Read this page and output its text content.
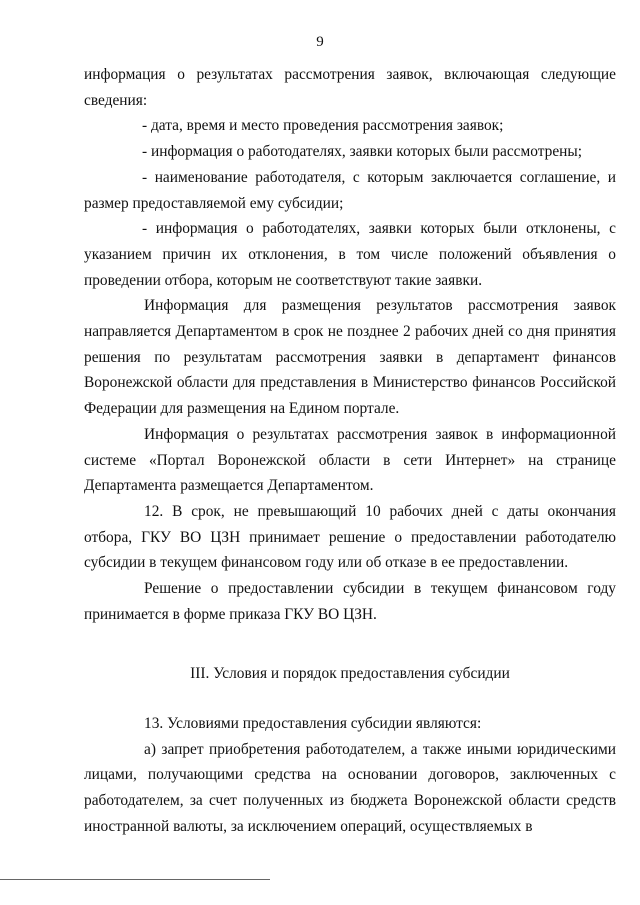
9

информация о результатах рассмотрения заявок, включающая следующие сведения:

- дата, время и место проведения рассмотрения заявок;

- информация о работодателях, заявки которых были рассмотрены;

- наименование работодателя, с которым заключается соглашение, и размер предоставляемой ему субсидии;

- информация о работодателях, заявки которых были отклонены, с указанием причин их отклонения, в том числе положений объявления о проведении отбора, которым не соответствуют такие заявки.

Информация для размещения результатов рассмотрения заявок направляется Департаментом в срок не позднее 2 рабочих дней со дня принятия решения по результатам рассмотрения заявки в департамент финансов Воронежской области для представления в Министерство финансов Российской Федерации для размещения на Едином портале.

Информация о результатах рассмотрения заявок в информационной системе «Портал Воронежской области в сети Интернет» на странице Департамента размещается Департаментом.

12. В срок, не превышающий 10 рабочих дней с даты окончания отбора, ГКУ ВО ЦЗН принимает решение о предоставлении работодателю субсидии в текущем финансовом году или об отказе в ее предоставлении.

Решение о предоставлении субсидии в текущем финансовом году принимается в форме приказа ГКУ ВО ЦЗН.

III. Условия и порядок предоставления субсидии

13. Условиями предоставления субсидии являются:

а) запрет приобретения работодателем, а также иными юридическими лицами, получающими средства на основании договоров, заключенных с работодателем, за счет полученных из бюджета Воронежской области средств иностранной валюты, за исключением операций, осуществляемых в
